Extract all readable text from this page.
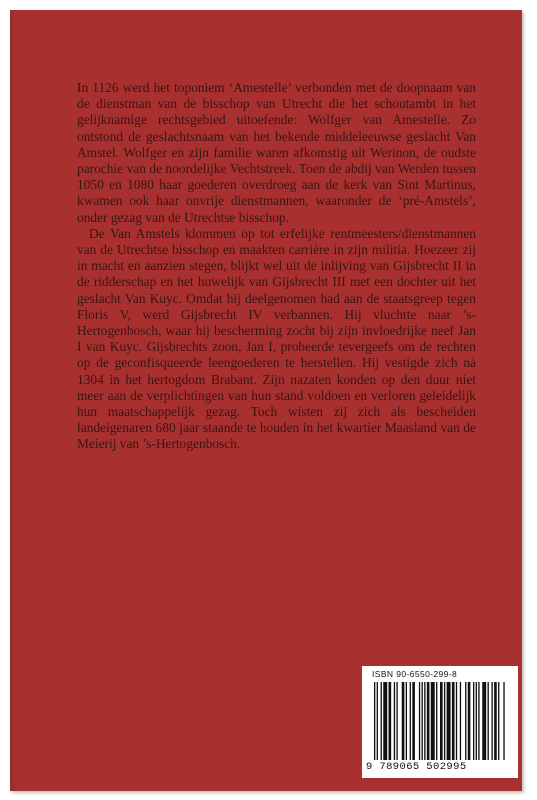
In 1126 werd het toponiem ‘Amestelle’ verbonden met de doopnaam van de dienstman van de bisschop van Utrecht die het schoutambt in het gelijknamige rechtsgebied uitoefende: Wolfger van Amestelle. Zo ontstond de geslachtsnaam van het bekende middeleeuwse geslacht Van Amstel. Wolfger en zijn familie waren afkomstig uit Werinon, de oudste parochie van de noordelijke Vechtstreek. Toen de abdij van Werden tussen 1050 en 1080 haar goederen overdroeg aan de kerk van Sint Martinus, kwamen ook haar onvrije dienstmannen, waaronder de ‘pré-Amstels’, onder gezag van de Utrechtse bisschop.

De Van Amstels klommen op tot erfelijke rentmeesters/dienstmannen van de Utrechtse bisschop en maakten carrière in zijn militia. Hoezeer zij in macht en aanzien stegen, blijkt wel uit de inlijving van Gijsbrecht II in de ridderschap en het huwelijk van Gijsbrecht III met een dochter uit het geslacht Van Kuyc. Omdat hij deelgenomen had aan de staatsgreep tegen Floris V, werd Gijsbrecht IV verbannen. Hij vluchtte naar ’s-Hertogenbosch, waar hij bescherming zocht bij zijn invloedrijke neef Jan I van Kuyc. Gijsbrechts zoon, Jan I, probeerde tevergeefs om de rechten op de geconfisqueerde leengoederen te herstellen. Hij vestigde zich ná 1304 in het hertogdom Brabant. Zijn nazaten konden op den duur niet meer aan de verplichtingen van hun stand voldoen en verloren geleidelijk hun maatschappelijk gezag. Toch wisten zij zich als bescheiden landeigenaren 680 jaar staande te houden in het kwartier Maasland van de Meierij van ’s-Hertogenbosch.

ISBN 90-6550-299-8
9 789065 502995
